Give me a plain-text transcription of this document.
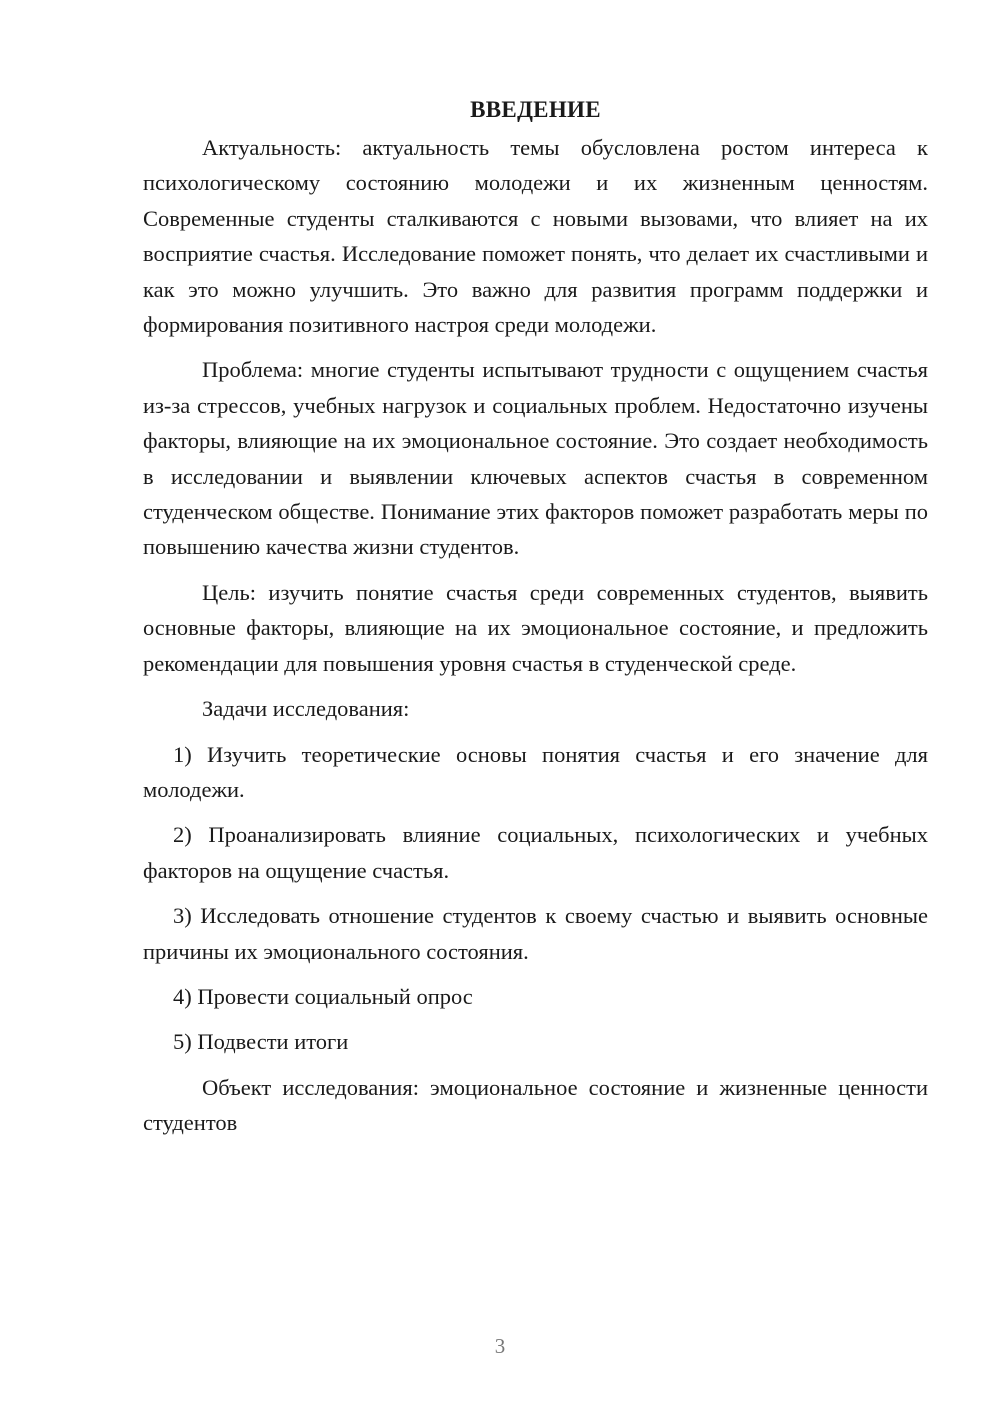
ВВЕДЕНИЕ

Актуальность: актуальность темы обусловлена ростом интереса к психологическому состоянию молодежи и их жизненным ценностям. Современные студенты сталкиваются с новыми вызовами, что влияет на их восприятие счастья. Исследование поможет понять, что делает их счастливыми и как это можно улучшить. Это важно для развития программ поддержки и формирования позитивного настроя среди молодежи.

Проблема: многие студенты испытывают трудности с ощущением счастья из-за стрессов, учебных нагрузок и социальных проблем. Недостаточно изучены факторы, влияющие на их эмоциональное состояние. Это создает необходимость в исследовании и выявлении ключевых аспектов счастья в современном студенческом обществе. Понимание этих факторов поможет разработать меры по повышению качества жизни студентов.

Цель: изучить понятие счастья среди современных студентов, выявить основные факторы, влияющие на их эмоциональное состояние, и предложить рекомендации для повышения уровня счастья в студенческой среде.

Задачи исследования:

1) Изучить теоретические основы понятия счастья и его значение для молодежи.

2) Проанализировать влияние социальных, психологических и учебных факторов на ощущение счастья.

3) Исследовать отношение студентов к своему счастью и выявить основные причины их эмоционального состояния.

4) Провести социальный опрос

5) Подвести итоги

Объект исследования: эмоциональное состояние и жизненные ценности студентов

3
